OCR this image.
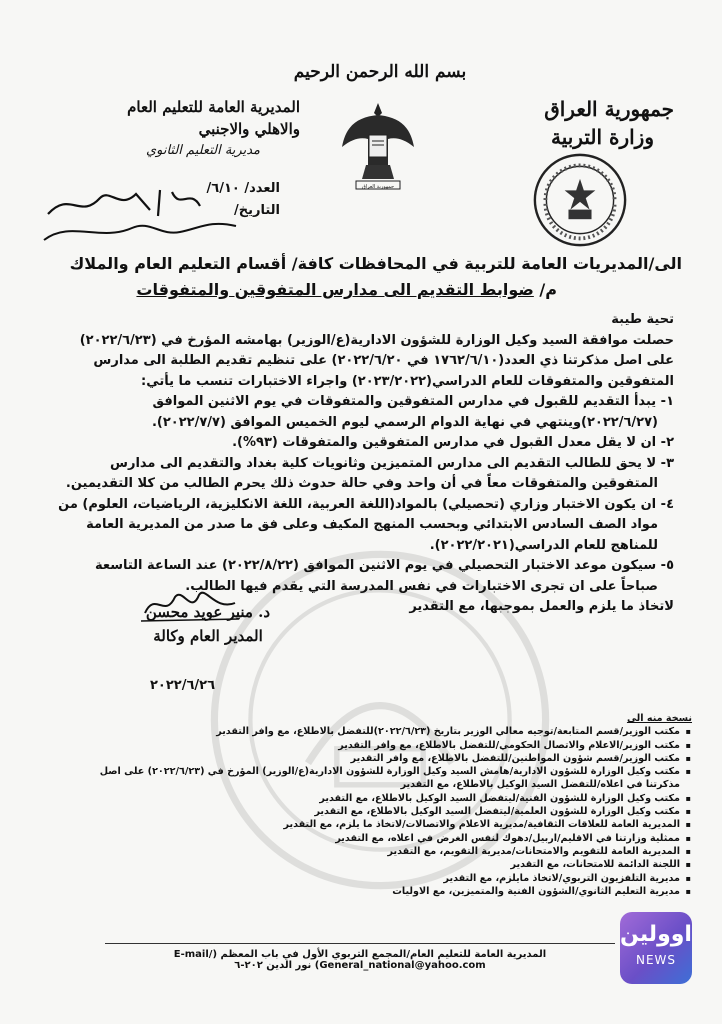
بسم الله الرحمن الرحيم
جمهورية العراق
وزارة التربية
جمهورية العراق
المديرية العامة للتعليم العام
والاهلي والاجنبي
مديرية التعليم الثانوي
العدد/ ٦/١٠/
التاريخ/
الى/المديريات العامة للتربية في المحافظات كافة/ أقسام التعليم العام والملاك
م/ ضوابط التقديم الى مدارس المتفوقين والمتفوقات

تحية طيبة

حصلت موافقة السيد وكيل الوزارة للشؤون الادارية(ع/الوزير) بهامشه المؤرخ في (٢٠٢٢/٦/٢٣) على اصل مذكرتنا ذي العدد(١٧٦٢/٦/١٠ في ٢٠٢٢/٦/٢٠) على تنظيم تقديم الطلبة الى مدارس المتفوقين والمتفوقات للعام الدراسي(٢٠٢٣/٢٠٢٢) واجراء الاختبارات تنسب ما يأتي:

١- يبدأ التقديم للقبول في مدارس المتفوقين والمتفوقات في يوم الاثنين الموافق (٢٠٢٢/٦/٢٧)وينتهي في نهاية الدوام الرسمي ليوم الخميس الموافق (٢٠٢٢/٧/٧).

٢- ان لا يقل معدل القبول في مدارس المتفوقين والمتفوقات (٩٣%).

٣- لا يحق للطالب التقديم الى مدارس المتميزين وثانويات كلية بغداد والتقديم الى مدارس المتفوقين والمتفوقات معاً في أن واحد وفي حالة حدوث ذلك يحرم الطالب من كلا التقديمين.

٤- ان يكون الاختبار وزاري (تحصيلي) بالمواد(اللغة العربية، اللغة الانكليزية، الرياضيات، العلوم) من مواد الصف السادس الابتدائي وبحسب المنهج المكيف وعلى فق ما صدر من المديرية العامة للمناهج للعام الدراسي(٢٠٢٢/٢٠٢١).

٥- سيكون موعد الاختبار التحصيلي في يوم الاثنين الموافق (٢٠٢٢/٨/٢٢) عند الساعة التاسعة صباحاً على ان تجرى الاختبارات في نفس المدرسة التي يقدم فيها الطالب.

لاتخاذ ما يلزم والعمل بموجبها، مع التقدير

د. منير عويد محسن
المدير العام وكالة
٢٠٢٢/٦/٢٦
نسخة منه الى
▪ مكتب الوزير/قسم المتابعة/توجيه معالي الوزير بتاريخ (٢٠٢٢/٦/٢٣)للتفضل بالاطلاع، مع وافر التقدير
▪ مكتب الوزير/الاعلام والاتصال الحكومي/للتفضل بالاطلاع، مع وافر التقدير
▪ مكتب الوزير/قسم شؤون المواطنين/للتفضل بالاطلاع، مع وافر التقدير
▪ مكتب وكيل الوزارة للشؤون الادارية/هامش السيد وكيل الوزارة للشؤون الادارية(ع/الوزير) المؤرخ في (٢٠٢٢/٦/٢٣) على اصل مذكرتنا في اعلاه/للتفضل السيد الوكيل بالاطلاع، مع التقدير
▪ مكتب وكيل الوزارة للشؤون الفنية/ليتفضل السيد الوكيل بالاطلاع، مع التقدير
▪ مكتب وكيل الوزارة للشؤون العلمية/ليتفضل السيد الوكيل بالاطلاع، مع التقدير
▪ المديرية العامة للعلاقات الثقافية/مديرية الاعلام والاتصالات/لاتخاذ ما يلزم، مع التقدير
▪ ممثلية وزارتنا في الاقليم/اربيل/دهوك لنفس الغرض في اعلاه، مع التقدير
▪ المديرية العامة للتقويم والامتحانات/مديرية التقويم، مع التقدير
▪ اللجنة الدائمة للامتحانات، مع التقدير
▪ مديرية التلفزيون التربوي/لاتخاذ مايلزم، مع التقدير
▪ مديرية التعليم الثانوي/الشؤون الفنية والمتميزين، مع الاوليات
المديرية العامة للتعليم العام/المجمع التربوي الأول في باب المعظم (E-mail/ General_national@yahoo.com) نور الدين ٢٠٢-٦
اوولين
NEWS
